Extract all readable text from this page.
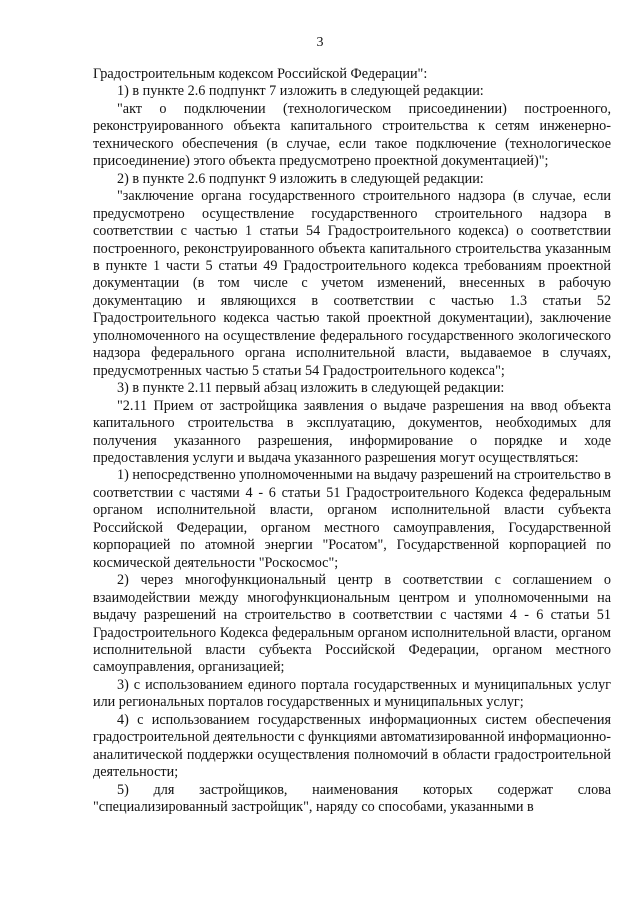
3

Градостроительным кодексом Российской Федерации":

1) в пункте 2.6 подпункт 7 изложить в следующей редакции:

"акт о подключении (технологическом присоединении) построенного, реконструированного объекта капитального строительства к сетям инженерно-технического обеспечения (в случае, если такое подключение (технологическое присоединение) этого объекта предусмотрено проектной документацией)";

2) в пункте 2.6 подпункт 9 изложить в следующей редакции:

"заключение органа государственного строительного надзора (в случае, если предусмотрено осуществление государственного строительного надзора в соответствии с частью 1 статьи 54 Градостроительного кодекса) о соответствии построенного, реконструированного объекта капитального строительства указанным в пункте 1 части 5 статьи 49 Градостроительного кодекса требованиям проектной документации (в том числе с учетом изменений, внесенных в рабочую документацию и являющихся в соответствии с частью 1.3 статьи 52 Градостроительного кодекса частью такой проектной документации), заключение уполномоченного на осуществление федерального государственного экологического надзора федерального органа исполнительной власти, выдаваемое в случаях, предусмотренных частью 5 статьи 54 Градостроительного кодекса";

3) в пункте 2.11 первый абзац изложить в следующей редакции:

"2.11 Прием от застройщика заявления о выдаче разрешения на ввод объекта капитального строительства в эксплуатацию, документов, необходимых для получения указанного разрешения, информирование о порядке и ходе предоставления услуги и выдача указанного разрешения могут осуществляться:

1) непосредственно уполномоченными на выдачу разрешений на строительство в соответствии с частями 4 - 6 статьи 51 Градостроительного Кодекса федеральным органом исполнительной власти, органом исполнительной власти субъекта Российской Федерации, органом местного самоуправления, Государственной корпорацией по атомной энергии "Росатом", Государственной корпорацией по космической деятельности "Роскосмос";

2) через многофункциональный центр в соответствии с соглашением о взаимодействии между многофункциональным центром и уполномоченными на выдачу разрешений на строительство в соответствии с частями 4 - 6 статьи 51 Градостроительного Кодекса федеральным органом исполнительной власти, органом исполнительной власти субъекта Российской Федерации, органом местного самоуправления, организацией;

3) с использованием единого портала государственных и муниципальных услуг или региональных порталов государственных и муниципальных услуг;

4) с использованием государственных информационных систем обеспечения градостроительной деятельности с функциями автоматизированной информационно-аналитической поддержки осуществления полномочий в области градостроительной деятельности;

5) для застройщиков, наименования которых содержат слова "специализированный застройщик", наряду со способами, указанными в
